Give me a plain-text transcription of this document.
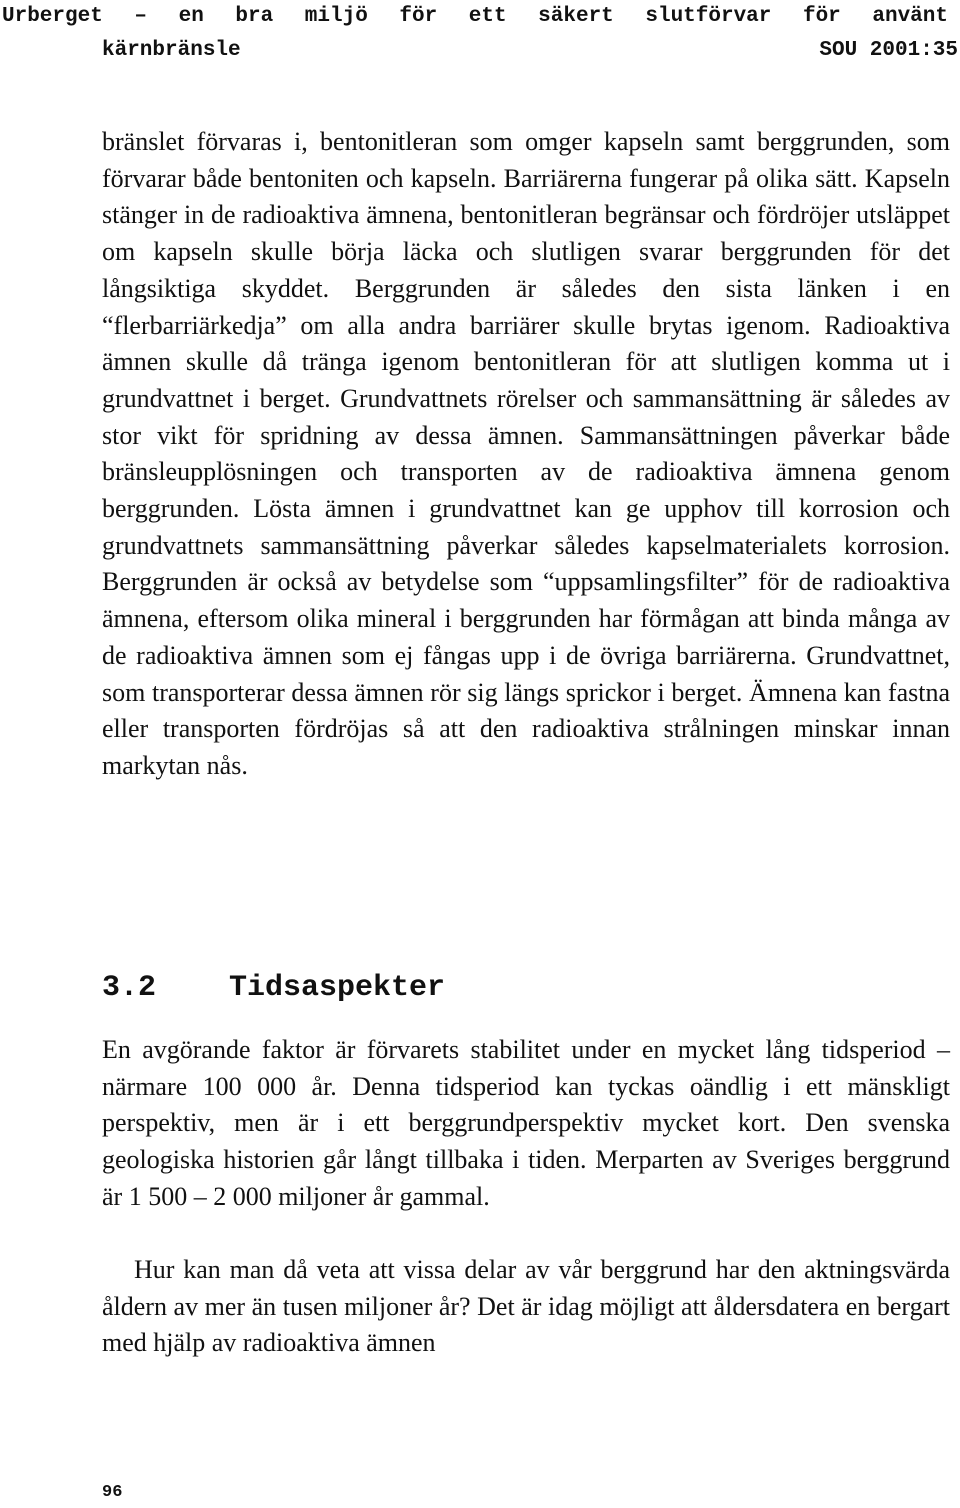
Urberget – en bra miljö för ett säkert slutförvar för använt
kärnbränsle	SOU 2001:35

bränslet förvaras i, bentonitleran som omger kapseln samt berggrunden, som förvarar både bentoniten och kapseln. Barriärerna fungerar på olika sätt. Kapseln stänger in de radioaktiva ämnena, bentonitleran begränsar och fördröjer utsläppet om kapseln skulle börja läcka och slutligen svarar berggrunden för det långsiktiga skyddet. Berggrunden är således den sista länken i en “flerbarriärkedja” om alla andra barriärer skulle brytas igenom. Radioaktiva ämnen skulle då tränga igenom bentonitleran för att slutligen komma ut i grundvattnet i berget. Grundvattnets rörelser och sammansättning är således av stor vikt för spridning av dessa ämnen. Sammansättningen påverkar både bränsleupplösningen och transporten av de radioaktiva ämnena genom berggrunden. Lösta ämnen i grundvattnet kan ge upphov till korrosion och grundvattnets sammansättning påverkar således kapselmaterialets korrosion. Berggrunden är också av betydelse som “uppsamlingsfilter” för de radioaktiva ämnena, eftersom olika mineral i berggrunden har förmågan att binda många av de radioaktiva ämnen som ej fångas upp i de övriga barriärerna. Grundvattnet, som transporterar dessa ämnen rör sig längs sprickor i berget. Ämnena kan fastna eller transporten fördröjas så att den radioaktiva strålningen minskar innan markytan nås.

3.2	Tidsaspekter

En avgörande faktor är förvarets stabilitet under en mycket lång tidsperiod – närmare 100 000 år. Denna tidsperiod kan tyckas oändlig i ett mänskligt perspektiv, men är i ett berggrundperspektiv mycket kort. Den svenska geologiska historien går långt tillbaka i tiden. Merparten av Sveriges berggrund är 1 500 – 2 000 miljoner år gammal.

Hur kan man då veta att vissa delar av vår berggrund har den aktningsvärda åldern av mer än tusen miljoner år? Det är idag möjligt att åldersdatera en bergart med hjälp av radioaktiva ämnen

96
